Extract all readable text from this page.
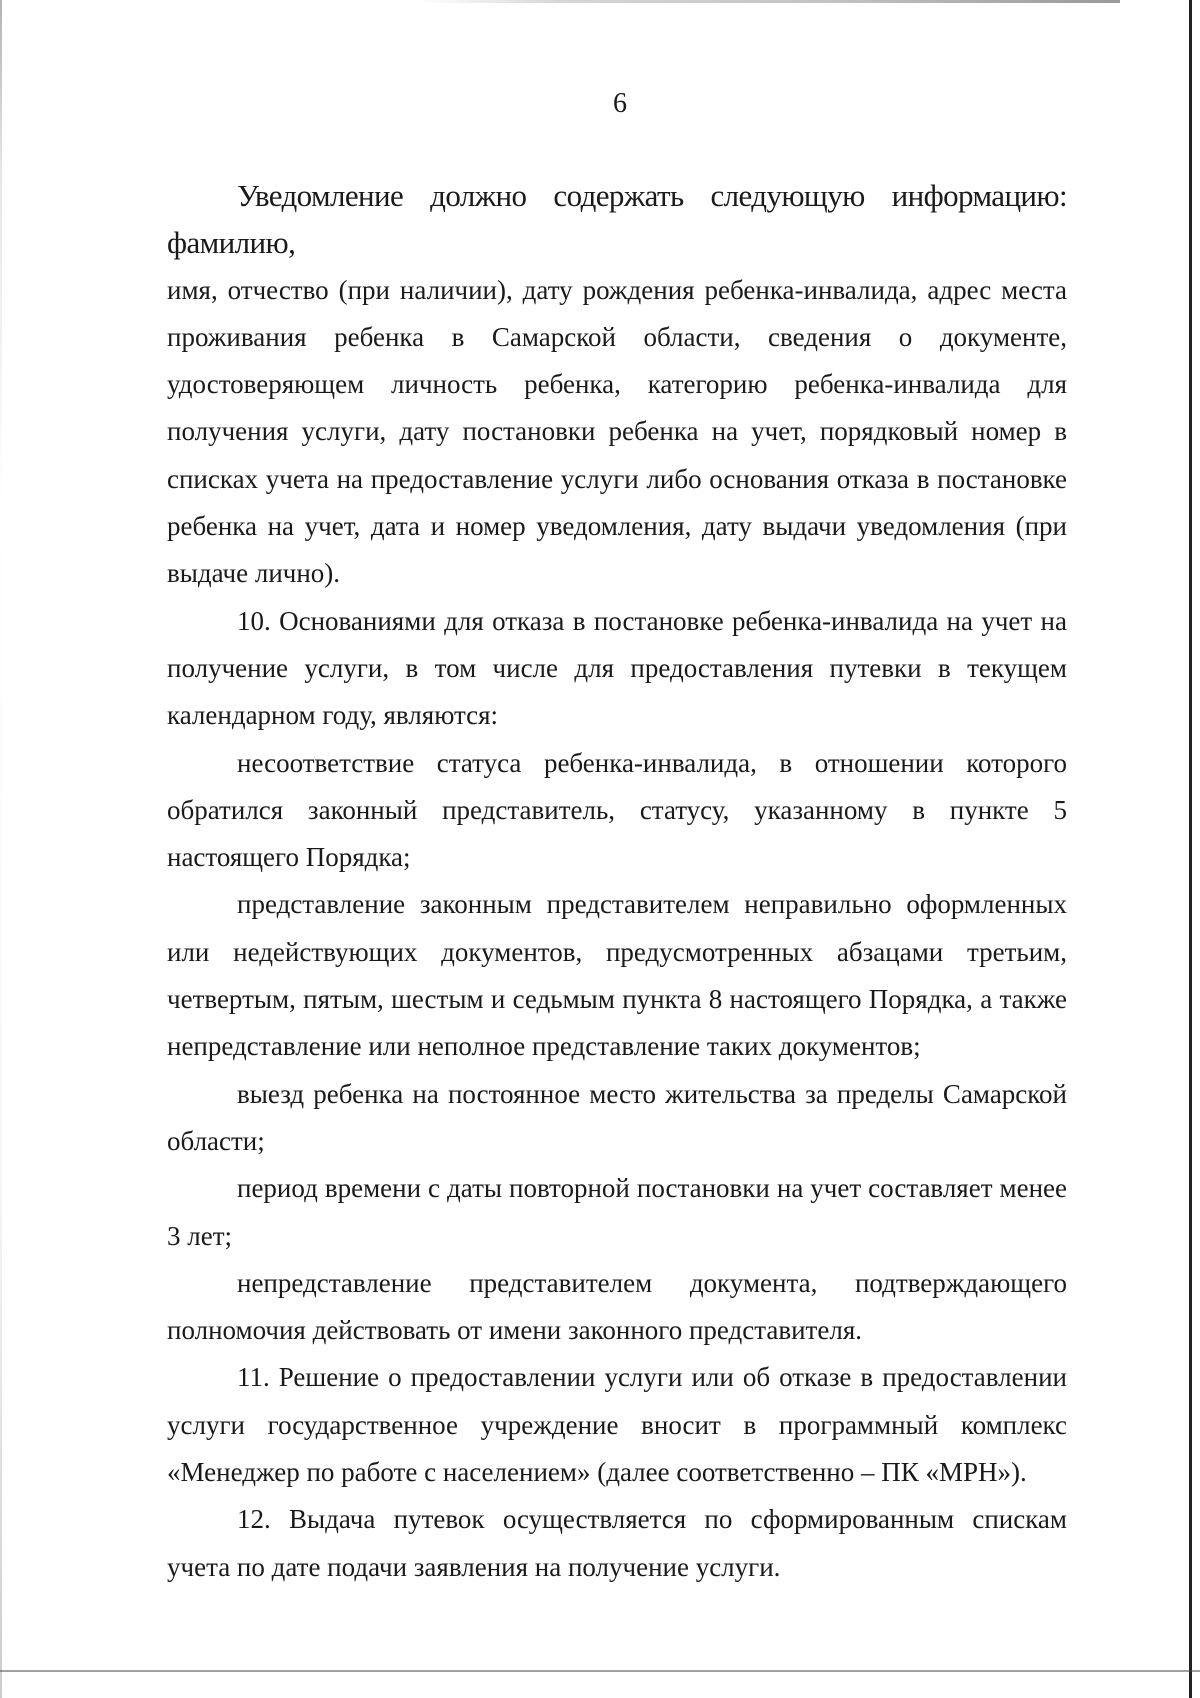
6

Уведомление должно содержать следующую информацию: фамилию,

имя, отчество (при наличии), дату рождения ребенка-инвалида, адрес места проживания ребенка в Самарской области, сведения о документе, удостоверяющем личность ребенка, категорию ребенка-инвалида для получения услуги, дату постановки ребенка на учет, порядковый номер в списках учета на предоставление услуги либо основания отказа в постановке ребенка на учет, дата и номер уведомления, дату выдачи уведомления (при выдаче лично).

10. Основаниями для отказа в постановке ребенка-инвалида на учет на получение услуги, в том числе для предоставления путевки в текущем календарном году, являются:

несоответствие статуса ребенка-инвалида, в отношении которого обратился законный представитель, статусу, указанному в пункте 5 настоящего Порядка;

представление законным представителем неправильно оформленных или недействующих документов, предусмотренных абзацами третьим, четвертым, пятым, шестым и седьмым пункта 8 настоящего Порядка, а также непредставление или неполное представление таких документов;

выезд ребенка на постоянное место жительства за пределы Самарской области;

период времени с даты повторной постановки на учет составляет менее 3 лет;

непредставление представителем документа, подтверждающего полномочия действовать от имени законного представителя.

11. Решение о предоставлении услуги или об отказе в предоставлении услуги государственное учреждение вносит в программный комплекс «Менеджер по работе с населением» (далее соответственно – ПК «МРН»).

12. Выдача путевок осуществляется по сформированным спискам учета по дате подачи заявления на получение услуги.
